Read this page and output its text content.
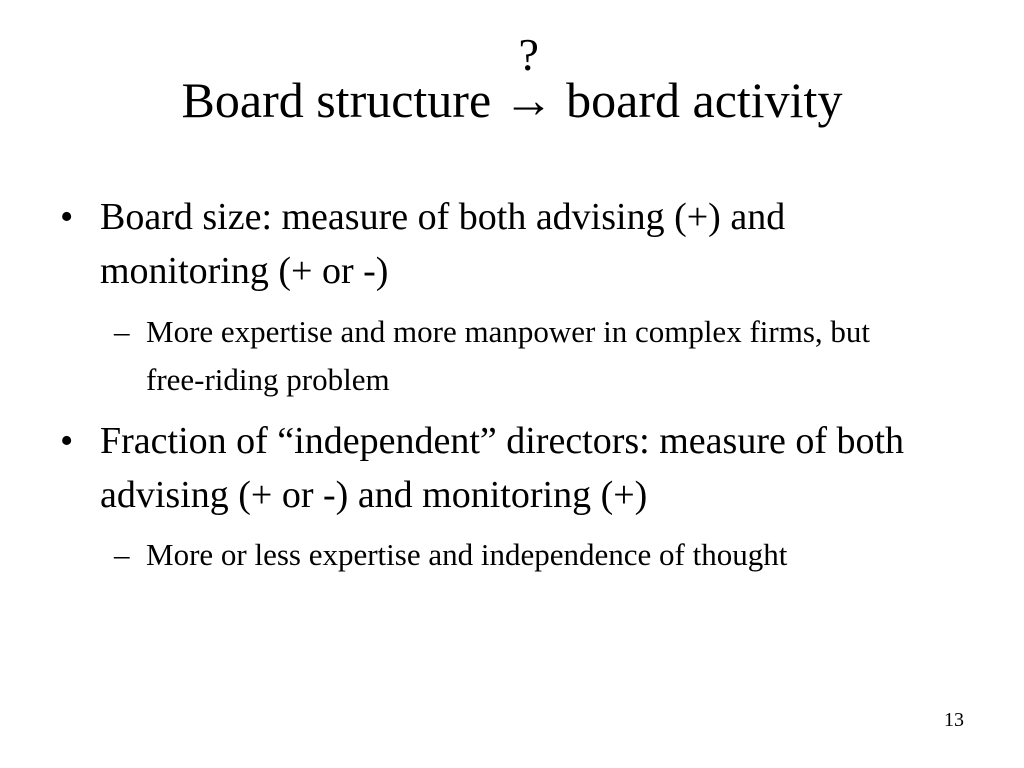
Board structure
?
→ board activity
• Board size: measure of both advising (+) and monitoring (+ or -)
– More expertise and more manpower in complex firms, but free-riding problem
• Fraction of “independent” directors: measure of both advising (+ or -) and monitoring (+)
– More or less expertise and independence of thought
13
